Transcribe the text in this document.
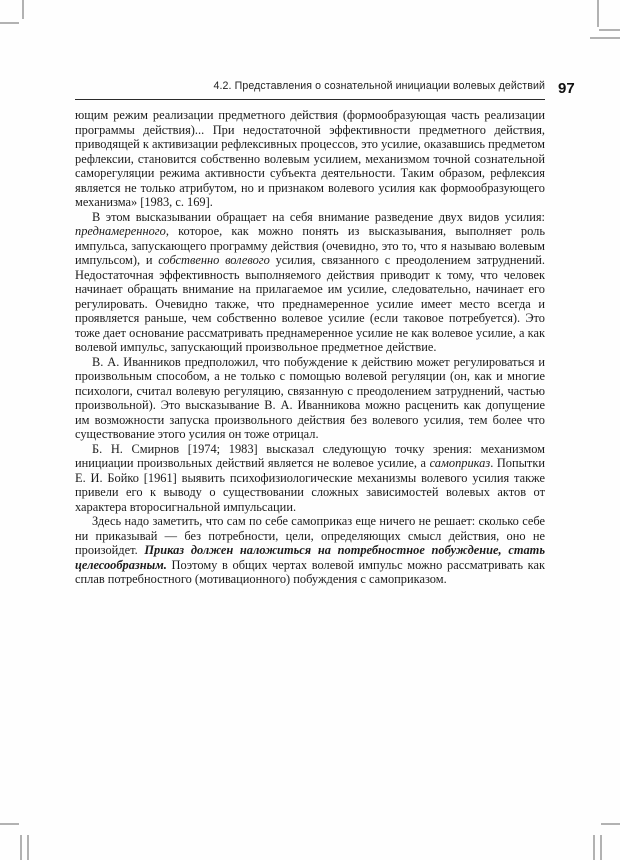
4.2. Представления о сознательной инициации волевых действий 97

ющим режим реализации предметного действия (формообразующая часть реализации программы действия)... При недостаточной эффективности предметного действия, приводящей к активизации рефлексивных процессов, это усилие, оказавшись предметом рефлексии, становится собственно волевым усилием, механизмом точной сознательной саморегуляции режима активности субъекта деятельности. Таким образом, рефлексия является не только атрибутом, но и признаком волевого усилия как формообразующего механизма» [1983, с. 169].

В этом высказывании обращает на себя внимание разведение двух видов усилия: преднамеренного, которое, как можно понять из высказывания, выполняет роль импульса, запускающего программу действия (очевидно, это то, что я называю волевым импульсом), и собственно волевого усилия, связанного с преодолением затруднений. Недостаточная эффективность выполняемого действия приводит к тому, что человек начинает обращать внимание на прилагаемое им усилие, следовательно, начинает его регулировать. Очевидно также, что преднамеренное усилие имеет место всегда и проявляется раньше, чем собственно волевое усилие (если таковое потребуется). Это тоже дает основание рассматривать преднамеренное усилие не как волевое усилие, а как волевой импульс, запускающий произвольное предметное действие.

В. А. Иванников предположил, что побуждение к действию может регулироваться и произвольным способом, а не только с помощью волевой регуляции (он, как и многие психологи, считал волевую регуляцию, связанную с преодолением затруднений, частью произвольной). Это высказывание В. А. Иванникова можно расценить как допущение им возможности запуска произвольного действия без волевого усилия, тем более что существование этого усилия он тоже отрицал.

Б. Н. Смирнов [1974; 1983] высказал следующую точку зрения: механизмом инициации произвольных действий является не волевое усилие, а самоприказ. Попытки Е. И. Бойко [1961] выявить психофизиологические механизмы волевого усилия также привели его к выводу о существовании сложных зависимостей волевых актов от характера второсигнальной импульсации.

Здесь надо заметить, что сам по себе самоприказ еще ничего не решает: сколько себе ни приказывай — без потребности, цели, определяющих смысл действия, оно не произойдет. Приказ должен наложиться на потребностное побуждение, стать целесообразным. Поэтому в общих чертах волевой импульс можно рассматривать как сплав потребностного (мотивационного) побуждения с самоприказом.
